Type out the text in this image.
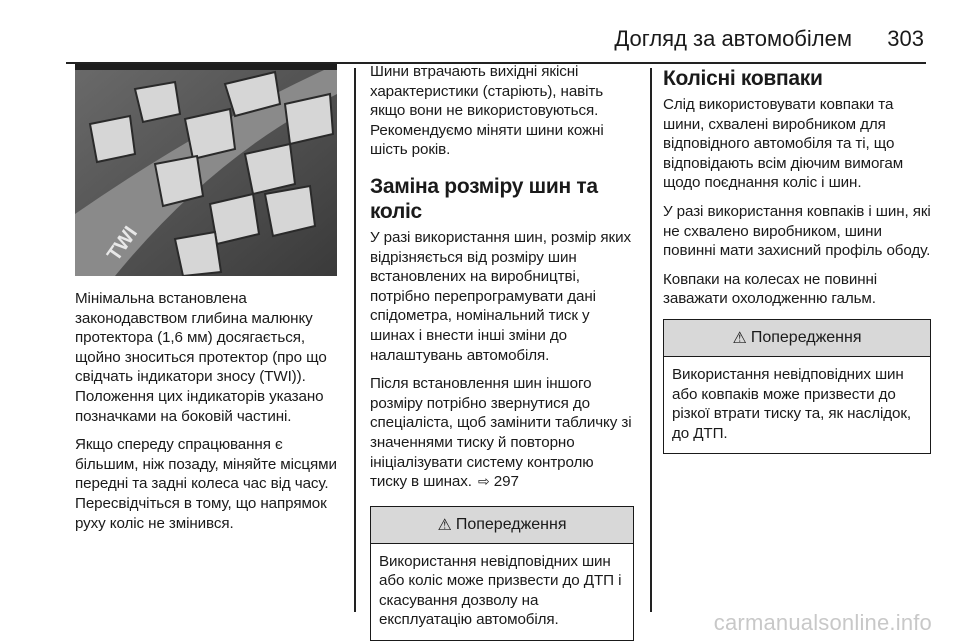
Догляд за автомобілем 303
TWI

Мінімальна встановлена законодавством глибина малюнку протектора (1,6 мм) досягається, щойно зноситься протектор (про що свідчать індикатори зносу (TWI)). Положення цих індикаторів указано позначками на боковій частині.

Якщо спереду спрацювання є більшим, ніж позаду, міняйте місцями передні та задні колеса час від часу. Пересвідчіться в тому, що напрямок руху коліс не змінився.

Шини втрачають вихідні якісні характеристики (старіють), навіть якщо вони не використовуються. Рекомендуємо міняти шини кожні шість років.

Заміна розміру шин та коліс

У разі використання шин, розмір яких відрізняється від розміру шин встановлених на виробництві, потрібно перепрограмувати дані спідометра, номінальний тиск у шинах і внести інші зміни до налаштувань автомобіля.

Після встановлення шин іншого розміру потрібно звернутися до спеціаліста, щоб замінити табличку зі значеннями тиску й повторно ініціалізувати систему контролю тиску в шинах. ⇨ 297

⚠ Попередження

Використання невідповідних шин або коліс може призвести до ДТП і скасування дозволу на експлуатацію автомобіля.

Колісні ковпаки

Слід використовувати ковпаки та шини, схвалені виробником для відповідного автомобіля та ті, що відповідають всім діючим вимогам щодо поєднання коліс і шин.

У разі використання ковпаків і шин, які не схвалено виробником, шини повинні мати захисний профіль ободу.

Ковпаки на колесах не повинні заважати охолодженню гальм.

⚠ Попередження

Використання невідповідних шин або ковпаків може призвести до різкої втрати тиску та, як наслідок, до ДТП.

carmanualsonline.info
